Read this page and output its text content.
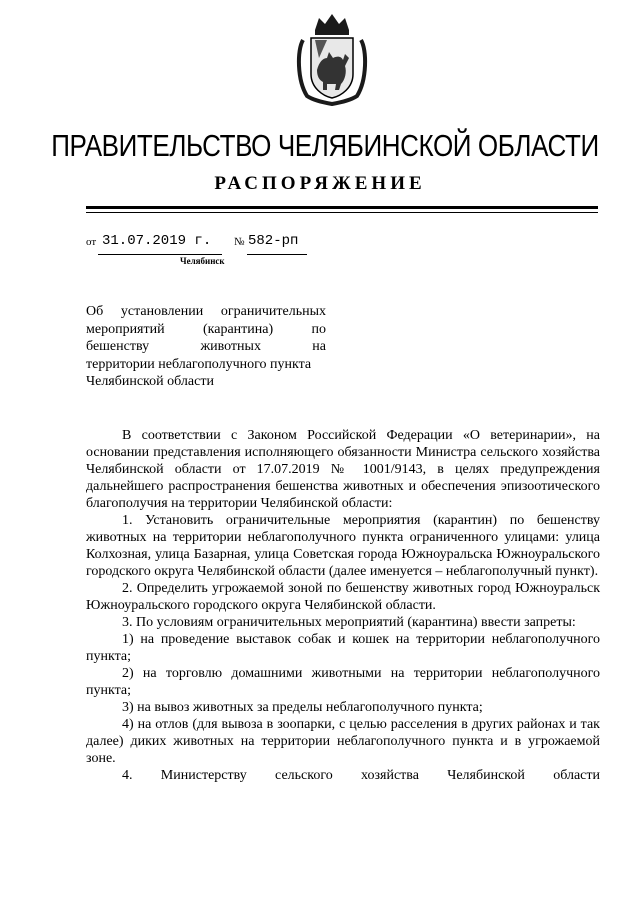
ПРАВИТЕЛЬСТВО ЧЕЛЯБИНСКОЙ ОБЛАСТИ
РАСПОРЯЖЕНИЕ
от 31.07.2019 г. № 582-рп
Челябинск
Об установлении ограничительных
мероприятий (карантина) по
бешенству животных на
территории неблагополучного пункта
Челябинской области

В соответствии с Законом Российской Федерации «О ветеринарии», на основании представления исполняющего обязанности Министра сельского хозяйства Челябинской области от 17.07.2019 № 1001/9143, в целях предупреждения дальнейшего распространения бешенства животных и обеспечения эпизоотического благополучия на территории Челябинской области:

1. Установить ограничительные мероприятия (карантин) по бешенству животных на территории неблагополучного пункта ограниченного улицами: улица Колхозная, улица Базарная, улица Советская города Южноуральска Южноуральского городского округа Челябинской области (далее именуется – неблагополучный пункт).

2. Определить угрожаемой зоной по бешенству животных город Южноуральск Южноуральского городского округа Челябинской области.

3. По условиям ограничительных мероприятий (карантина) ввести запреты:

1) на проведение выставок собак и кошек на территории неблагополучного пункта;

2) на торговлю домашними животными на территории неблагополучного пункта;

3) на вывоз животных за пределы неблагополучного пункта;

4) на отлов (для вывоза в зоопарки, с целью расселения в других районах и так далее) диких животных на территории неблагополучного пункта и в угрожаемой зоне.

4. Министерству сельского хозяйства Челябинской области
